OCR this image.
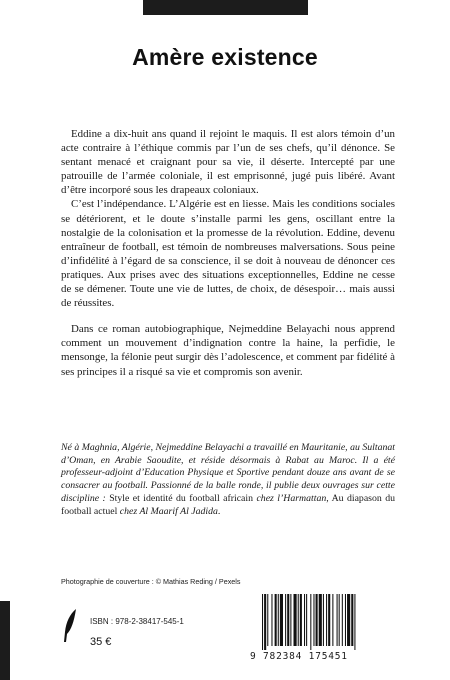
Amère existence

Eddine a dix-huit ans quand il rejoint le maquis. Il est alors témoin d’un acte contraire à l’éthique commis par l’un de ses chefs, qu’il dénonce. Se sentant menacé et craignant pour sa vie, il déserte. Intercepté par une patrouille de l’armée coloniale, il est emprisonné, jugé puis libéré. Avant d’être incorporé sous les drapeaux coloniaux.

C’est l’indépendance. L’Algérie est en liesse. Mais les conditions sociales se détériorent, et le doute s’installe parmi les gens, oscillant entre la nostalgie de la colonisation et la promesse de la révolution. Eddine, devenu entraîneur de football, est témoin de nombreuses malversations. Sous peine d’infidélité à l’égard de sa conscience, il se doit à nouveau de dénoncer ces pratiques. Aux prises avec des situations exceptionnelles, Eddine ne cesse de se démener. Toute une vie de luttes, de choix, de désespoir… mais aussi de réussites.

Dans ce roman autobiographique, Nejmeddine Belayachi nous apprend comment un mouvement d’indignation contre la haine, la perfidie, le mensonge, la félonie peut surgir dès l’adolescence, et comment par fidélité à ses principes il a risqué sa vie et compromis son avenir.

Né à Maghnia, Algérie, Nejmeddine Belayachi a travaillé en Mauritanie, au Sultanat d’Oman, en Arabie Saoudite, et réside désormais à Rabat au Maroc. Il a été professeur-adjoint d’Education Physique et Sportive pendant douze ans avant de se consacrer au football. Passionné de la balle ronde, il publie deux ouvrages sur cette discipline : Style et identité du football africain chez l’Harmattan, Au diapason du football actuel chez Al Maarif Al Jadida.

Photographie de couverture : © Mathias Reding / Pexels
ISBN : 978-2-38417-545-1
35 €
9 782384 175451
